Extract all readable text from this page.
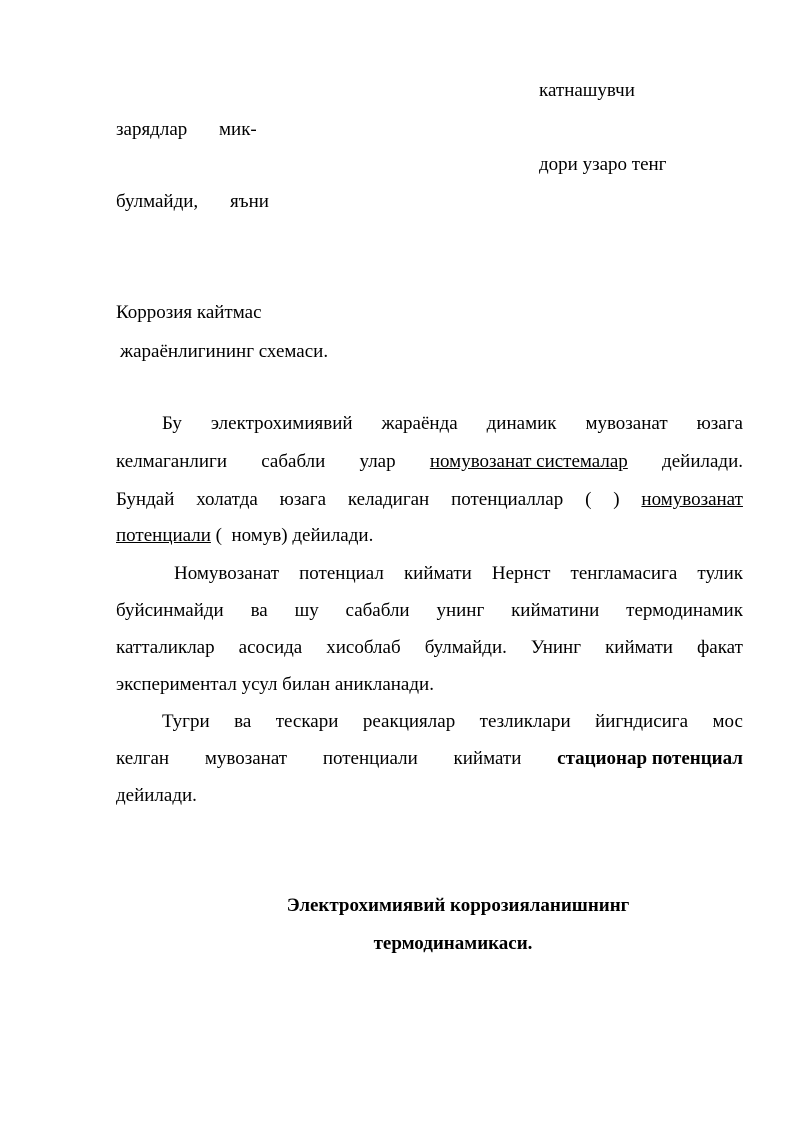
катнашувчи
зарядлар мик-
дори узаро тенг
булмайди, яъни
Коррозия кайтмас
жараёнлигининг схемаси.
Бу электрохимиявий жараёнда динамик мувозанат юзага
келмаганлиги сабабли улар номувозанат системалар дейилади.
Бундай холатда юзага келадиган потенциаллар ( ) номувозанат
потенциали (  номув) дейилади.
Номувозанат потенциал киймати Нернст тенгламасига тулик
буйсинмайди ва шу сабабли унинг кийматини термодинамик
катталиклар асосида хисоблаб булмайди. Унинг киймати факат
экспериментал усул билан аникланади.
Тугри ва тескари реакциялар тезликлари йигндисига мос
келган мувозанат потенциали киймати стационар потенциал
дейилади.
Электрохимиявий коррозияланишнинг
термодинамикаси.
